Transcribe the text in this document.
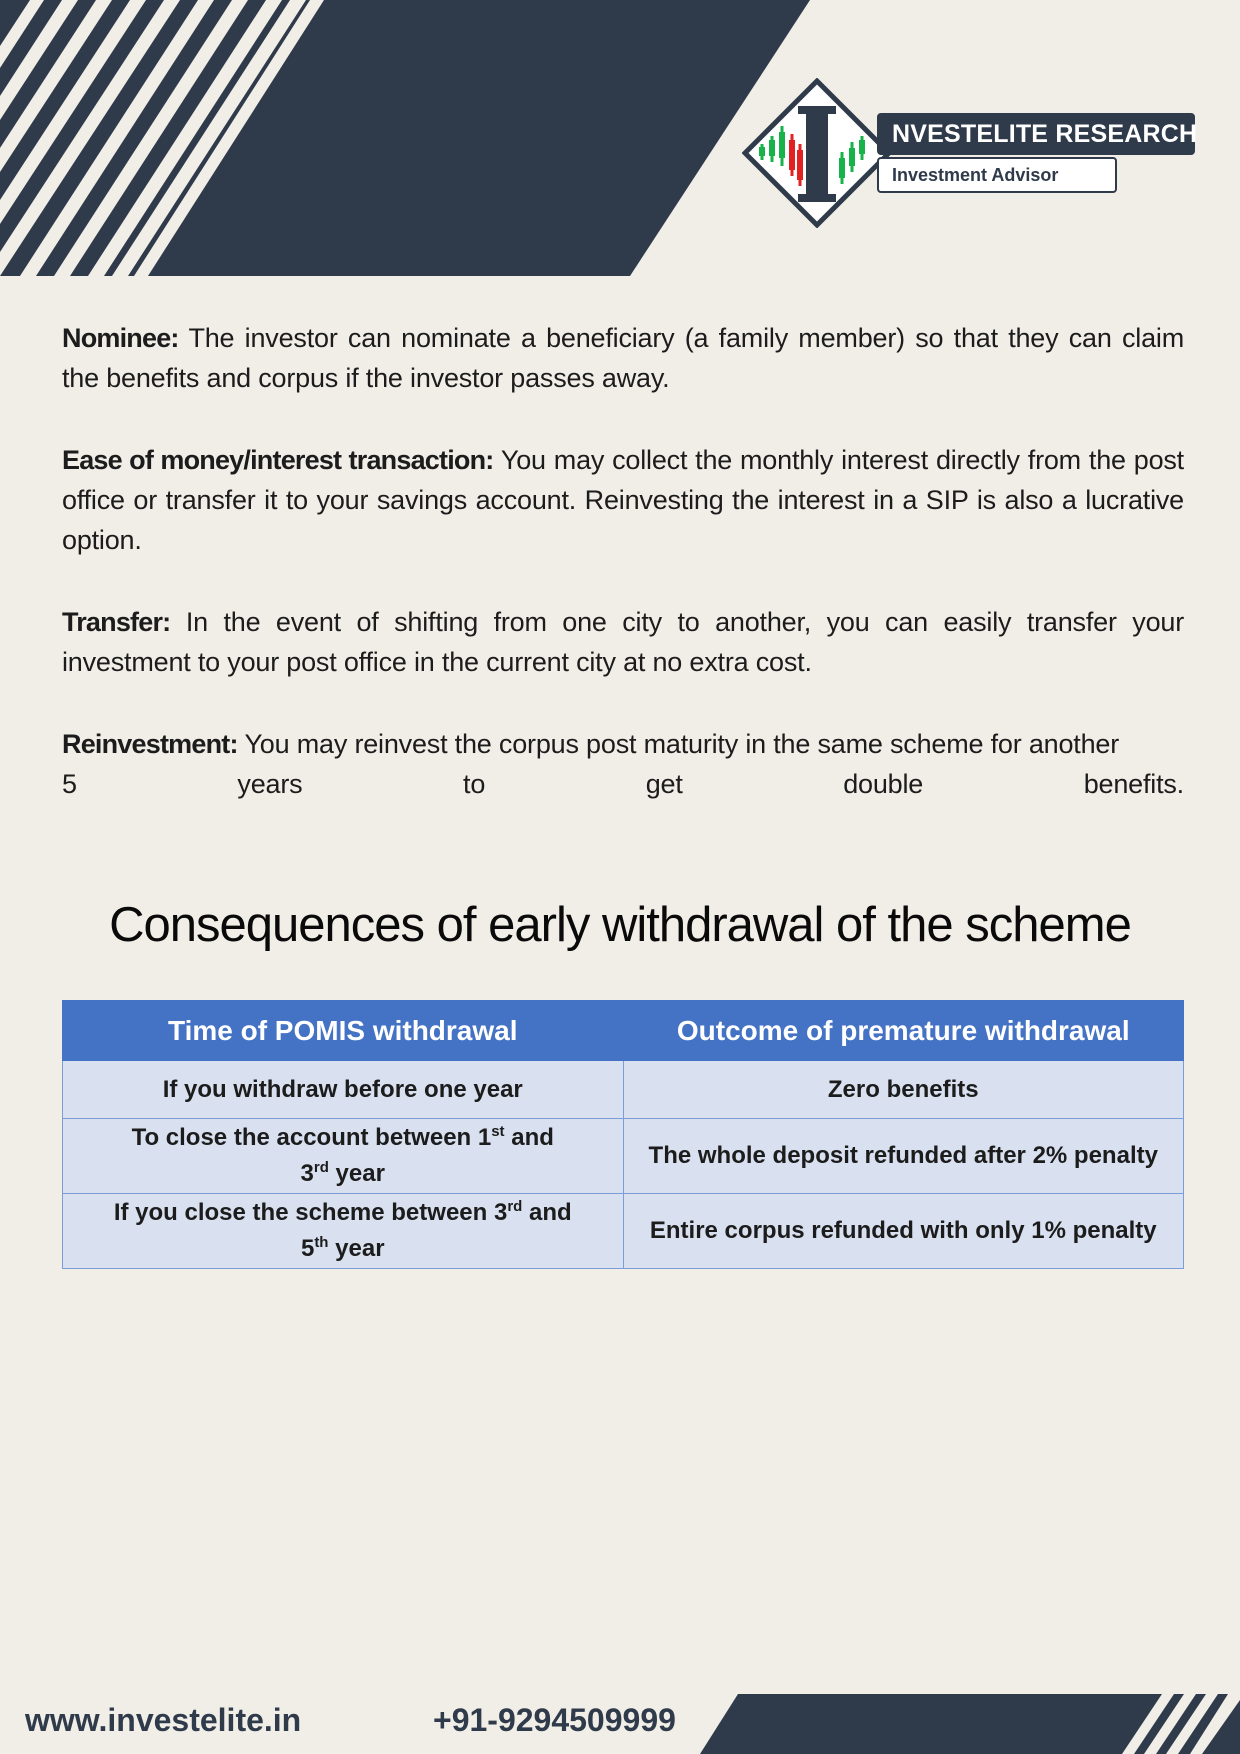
NVESTELITE RESEARCH
Investment Advisor

Nominee: The investor can nominate a beneficiary (a family member) so that they can claim the benefits and corpus if the investor passes away.

Ease of money/interest transaction: You may collect the monthly interest directly from the post office or transfer it to your savings account. Reinvesting the interest in a SIP is also a lucrative option.

Transfer: In the event of shifting from one city to another, you can easily transfer your investment to your post office in the current city at no extra cost.

Reinvestment: You may reinvest the corpus post maturity in the same scheme for another
5	years	to	get	double	benefits.
Consequences of early withdrawal of the scheme
Time of POMIS withdrawal	Outcome of premature withdrawal
If you withdraw before one year	Zero benefits
To close the account between 1st and
3rd year	The whole deposit refunded after 2% penalty
If you close the scheme between 3rd and
5th year	Entire corpus refunded with only 1% penalty
www.investelite.in	+91-9294509999
